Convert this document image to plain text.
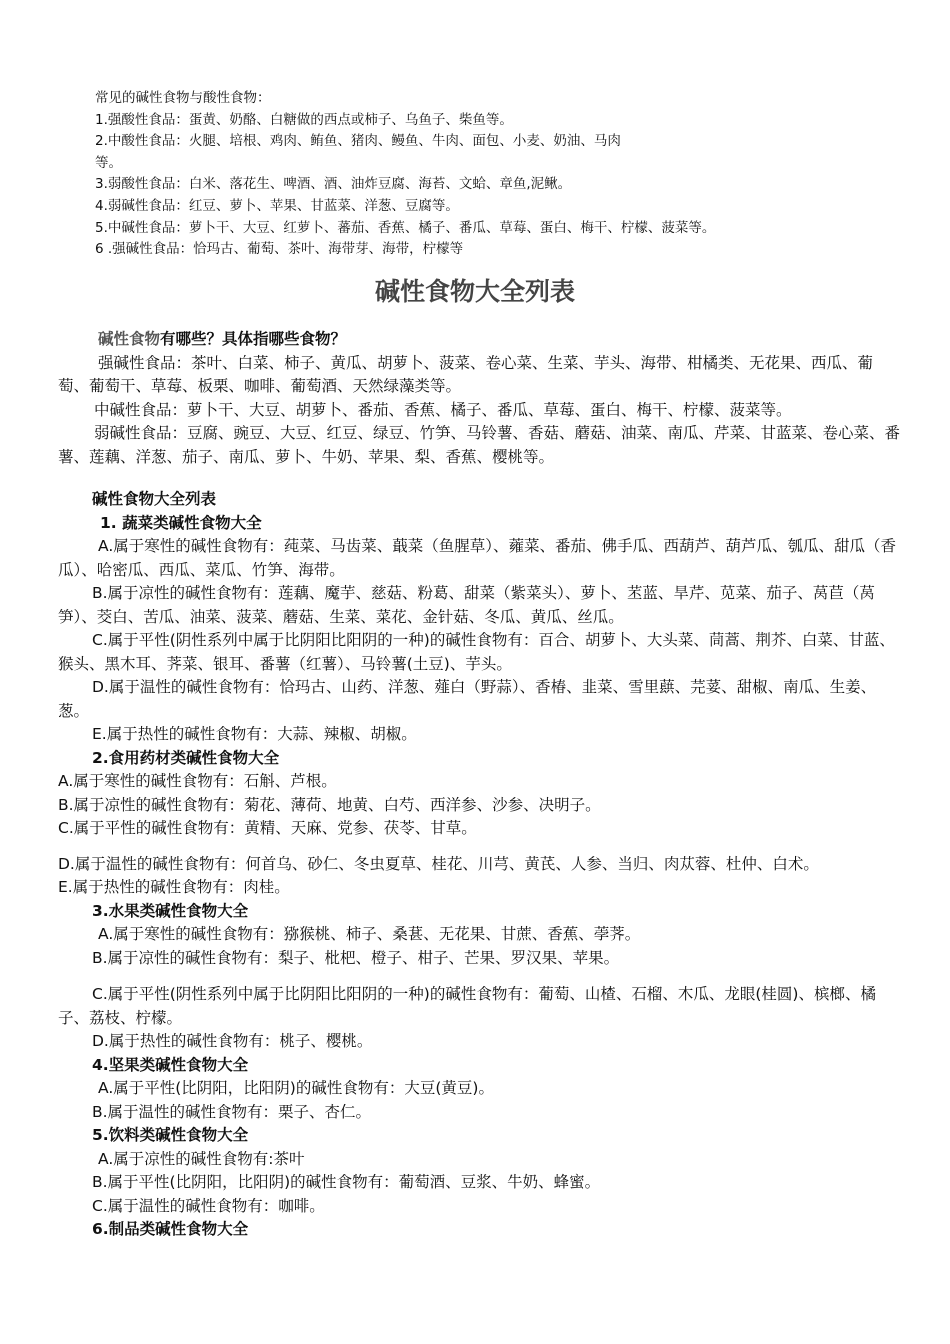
常见的碱性食物与酸性食物：

1.强酸性食品：蛋黄、奶酪、白糖做的西点或柿子、乌鱼子、柴鱼等。

2.中酸性食品：火腿、培根、鸡肉、鲔鱼、猪肉、鳗鱼、牛肉、面包、小麦、奶油、马肉

等。

3.弱酸性食品：白米、落花生、啤酒、酒、油炸豆腐、海苔、文蛤、章鱼,泥鳅。

4.弱碱性食品：红豆、萝卜、苹果、甘蓝菜、洋葱、豆腐等。

5.中碱性食品：萝卜干、大豆、红萝卜、蕃茄、香蕉、橘子、番瓜、草莓、蛋白、梅干、柠檬、菠菜等。

6 .强碱性食品：恰玛古、葡萄、茶叶、海带芽、海带，柠檬等

碱性食物大全列表

碱性食物有哪些？具体指哪些食物？

强碱性食品：茶叶、白菜、柿子、黄瓜、胡萝卜、菠菜、卷心菜、生菜、芋头、海带、柑橘类、无花果、西瓜、葡萄、葡萄干、草莓、板栗、咖啡、葡萄酒、天然绿藻类等。

中碱性食品：萝卜干、大豆、胡萝卜、番茄、香蕉、橘子、番瓜、草莓、蛋白、梅干、柠檬、菠菜等。

弱碱性食品：豆腐、豌豆、大豆、红豆、绿豆、竹笋、马铃薯、香菇、蘑菇、油菜、南瓜、芹菜、甘蓝菜、卷心菜、番薯、莲藕、洋葱、茄子、南瓜、萝卜、牛奶、苹果、梨、香蕉、樱桃等。

碱性食物大全列表

1. 蔬菜类碱性食物大全

A.属于寒性的碱性食物有：莼菜、马齿菜、蕺菜（鱼腥草）、蕹菜、番茄、佛手瓜、西葫芦、葫芦瓜、瓠瓜、甜瓜（香瓜）、哈密瓜、西瓜、菜瓜、竹笋、海带。

B.属于凉性的碱性食物有：莲藕、魔芋、慈菇、粉葛、甜菜（紫菜头）、萝卜、苤蓝、旱芹、苋菜、茄子、莴苣（莴笋）、茭白、苦瓜、油菜、菠菜、蘑菇、生菜、菜花、金针菇、冬瓜、黄瓜、丝瓜。

C.属于平性(阴性系列中属于比阴阳比阳阴的一种)的碱性食物有：百合、胡萝卜、大头菜、茼蒿、荆芥、白菜、甘蓝、猴头、黑木耳、荠菜、银耳、番薯（红薯）、马铃薯(土豆)、芋头。

D.属于温性的碱性食物有：恰玛古、山药、洋葱、薤白（野蒜）、香椿、韭菜、雪里蕻、芫荽、甜椒、南瓜、生姜、葱。

E.属于热性的碱性食物有：大蒜、辣椒、胡椒。

2.食用药材类碱性食物大全

A.属于寒性的碱性食物有：石斛、芦根。

B.属于凉性的碱性食物有：菊花、薄荷、地黄、白芍、西洋参、沙参、决明子。

C.属于平性的碱性食物有：黄精、天麻、党参、茯苓、甘草。

D.属于温性的碱性食物有：何首乌、砂仁、冬虫夏草、桂花、川芎、黄芪、人参、当归、肉苁蓉、杜仲、白术。

E.属于热性的碱性食物有：肉桂。

3.水果类碱性食物大全

A.属于寒性的碱性食物有：猕猴桃、柿子、桑葚、无花果、甘蔗、香蕉、荸荠。

B.属于凉性的碱性食物有：梨子、枇杷、橙子、柑子、芒果、罗汉果、苹果。

C.属于平性(阴性系列中属于比阴阳比阳阴的一种)的碱性食物有：葡萄、山楂、石榴、木瓜、龙眼(桂圆)、槟榔、橘子、荔枝、柠檬。

D.属于热性的碱性食物有：桃子、樱桃。

4.坚果类碱性食物大全

A.属于平性(比阴阳，比阳阴)的碱性食物有：大豆(黄豆)。

B.属于温性的碱性食物有：栗子、杏仁。

5.饮料类碱性食物大全

A.属于凉性的碱性食物有:茶叶

B.属于平性(比阴阳，比阳阴)的碱性食物有：葡萄酒、豆浆、牛奶、蜂蜜。

C.属于温性的碱性食物有：咖啡。

6.制品类碱性食物大全
